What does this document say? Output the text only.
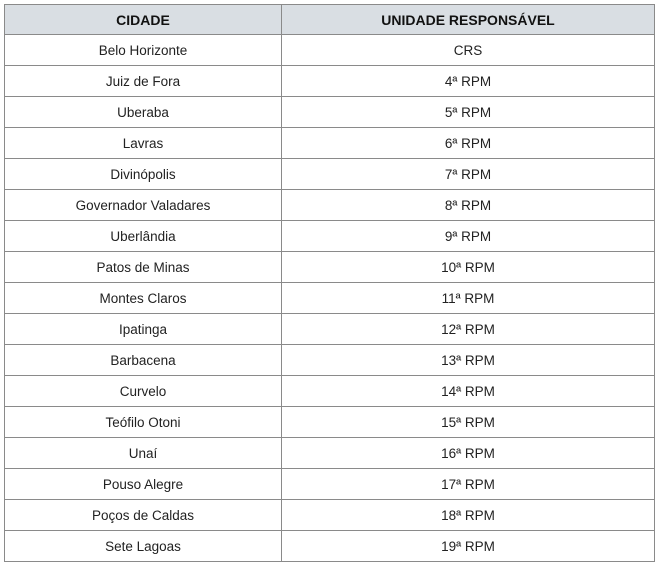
CIDADE	UNIDADE RESPONSÁVEL
Belo Horizonte	CRS
Juiz de Fora	4ª RPM
Uberaba	5ª RPM
Lavras	6ª RPM
Divinópolis	7ª RPM
Governador Valadares	8ª RPM
Uberlândia	9ª RPM
Patos de Minas	10ª RPM
Montes Claros	11ª RPM
Ipatinga	12ª RPM
Barbacena	13ª RPM
Curvelo	14ª RPM
Teófilo Otoni	15ª RPM
Unaí	16ª RPM
Pouso Alegre	17ª RPM
Poços de Caldas	18ª RPM
Sete Lagoas	19ª RPM
